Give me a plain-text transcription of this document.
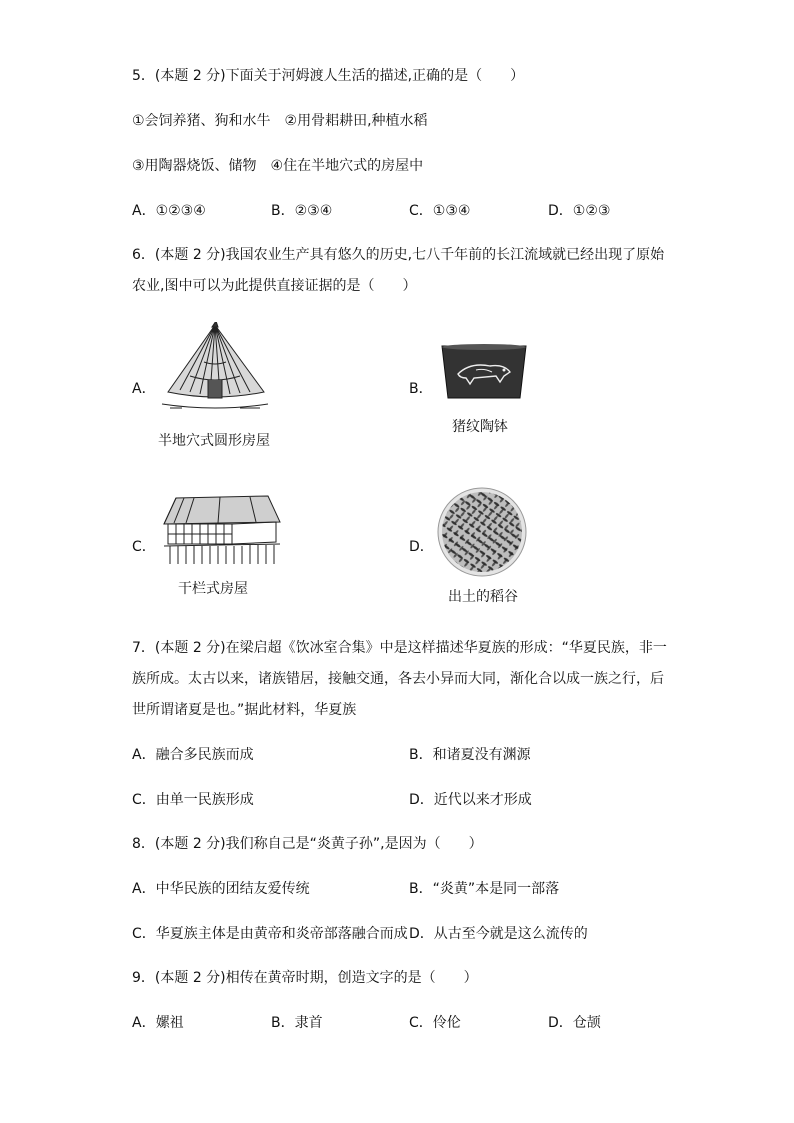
5．(本题 2 分)下面关于河姆渡人生活的描述,正确的是（　　）
①会饲养猪、狗和水牛　②用骨耜耕田,种植水稻
③用陶器烧饭、储物　④住在半地穴式的房屋中
A．①②③④	B．②③④	C．①③④	D．①②③
6．(本题 2 分)我国农业生产具有悠久的历史,七八千年前的长江流域就已经出现了原始
农业,图中可以为此提供直接证据的是（　　）
A．
半地穴式圆形房屋
B．
猪纹陶钵
C．
干栏式房屋
D．
出土的稻谷
7．(本题 2 分)在梁启超《饮冰室合集》中是这样描述华夏族的形成：“华夏民族，非一
族所成。太古以来，诸族错居，接触交通，各去小异而大同，渐化合以成一族之行，后
世所谓诸夏是也。”据此材料，华夏族
A．融合多民族而成	B．和诸夏没有渊源
C．由单一民族形成	D．近代以来才形成
8．(本题 2 分)我们称自己是“炎黄子孙”,是因为（　　）
A．中华民族的团结友爱传统	B．“炎黄”本是同一部落
C．华夏族主体是由黄帝和炎帝部落融合而成 D．从古至今就是这么流传的
9．(本题 2 分)相传在黄帝时期，创造文字的是（　　）
A．嫘祖	B．隶首	C．伶伦	D．仓颉
